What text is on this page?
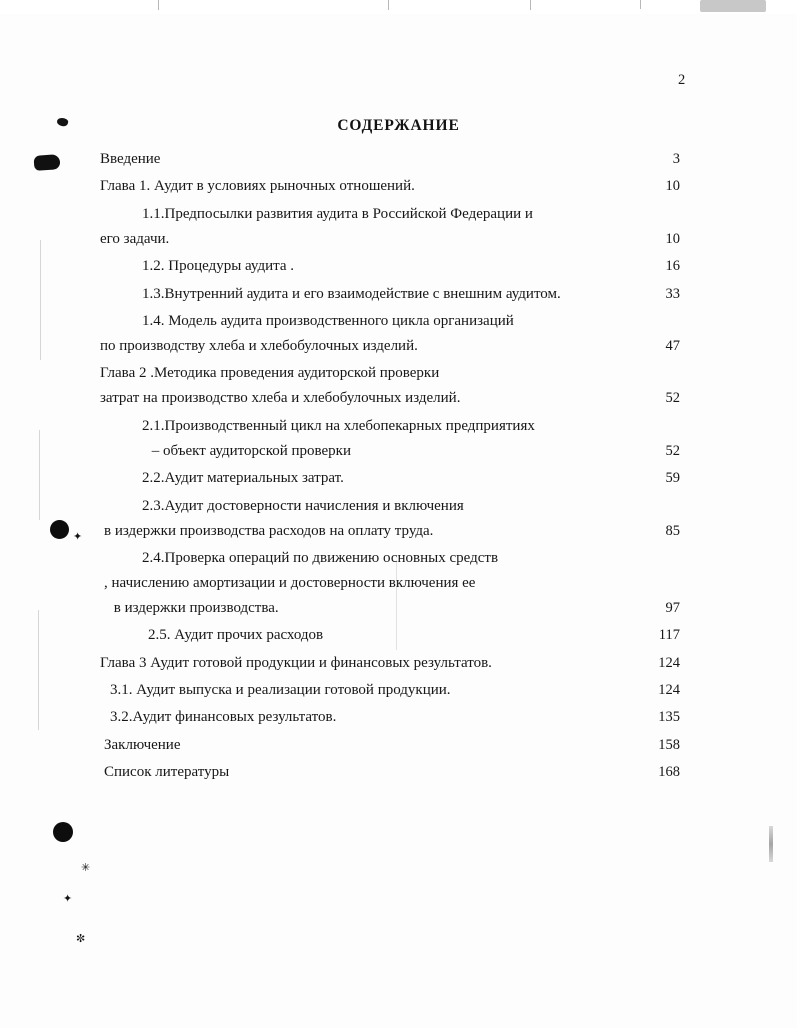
2
СОДЕРЖАНИЕ
Введение	3
Глава 1. Аудит в условиях рыночных отношений.	10
1.1.Предпосылки развития аудита в Российской Федерации и
его задачи.	10
1.2. Процедуры аудита .	16
1.3.Внутренний аудита и его взаимодействие с внешним аудитом.	33
1.4. Модель аудита производственного цикла организаций
по производству хлеба и хлебобулочных изделий.	47
Глава 2 .Методика проведения аудиторской проверки
затрат на производство хлеба и хлебобулочных изделий.	52
2.1.Производственный цикл на хлебопекарных предприятиях
– объект аудиторской проверки	52
2.2.Аудит материальных затрат.	59
2.3.Аудит достоверности начисления и включения
в издержки производства расходов на оплату труда.	85
2.4.Проверка операций по движению основных средств
, начислению амортизации и достоверности включения ее
в издержки производства.	97
2.5. Аудит прочих расходов	117
Глава 3 Аудит готовой продукции и финансовых результатов.	124
3.1. Аудит выпуска и реализации готовой продукции.	124
3.2.Аудит финансовых результатов.	135
Заключение	158
Список литературы	168
✦
✳
✦
✼
